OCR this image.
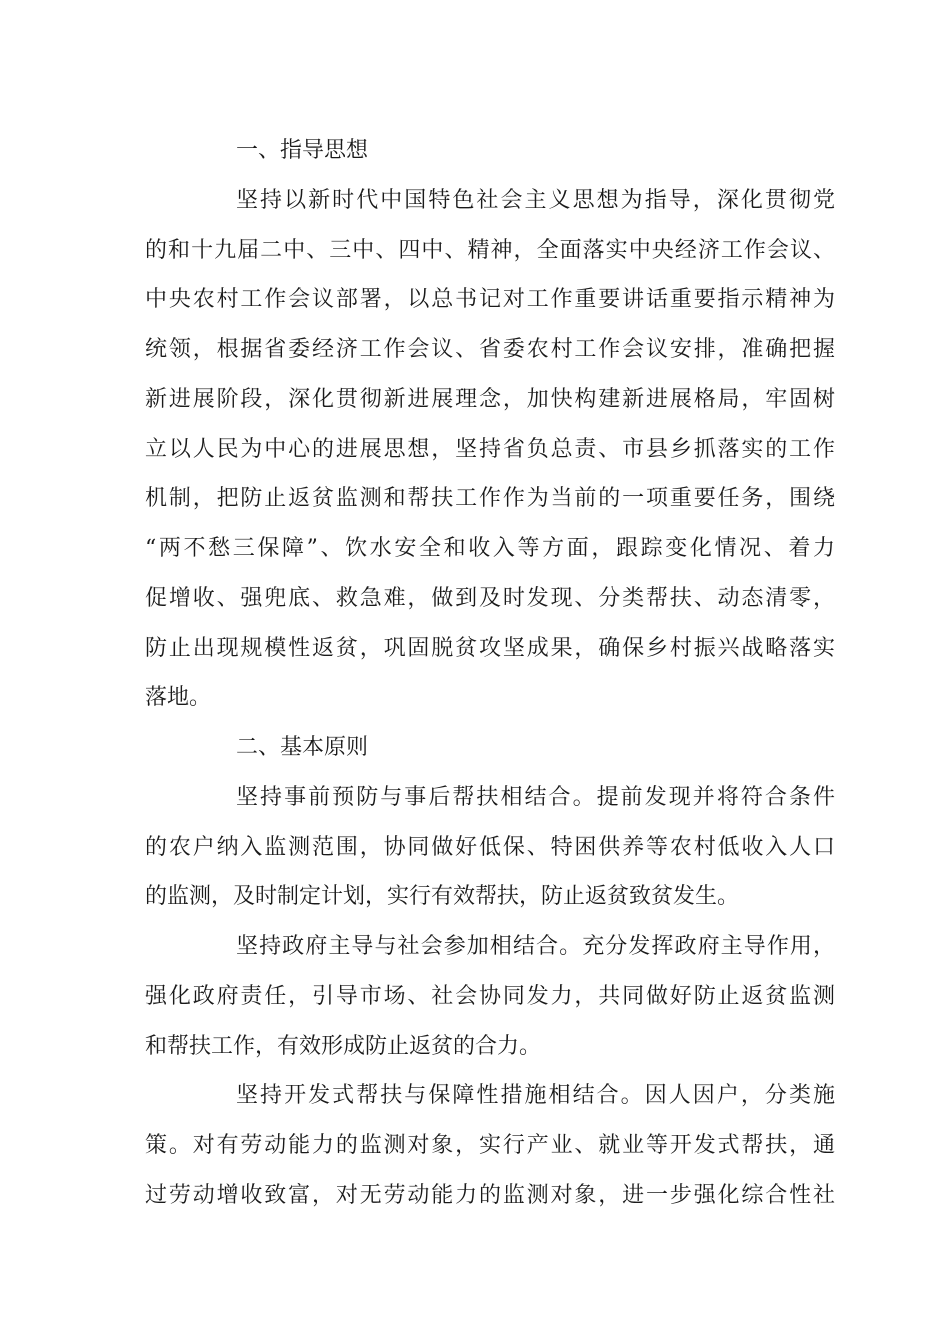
一、指导思想
坚持以新时代中国特色社会主义思想为指导，深化贯彻党
的和十九届二中、三中、四中、精神，全面落实中央经济工作会议、
中央农村工作会议部署，以总书记对工作重要讲话重要指示精神为
统领，根据省委经济工作会议、省委农村工作会议安排，准确把握
新进展阶段，深化贯彻新进展理念，加快构建新进展格局，牢固树
立以人民为中心的进展思想，坚持省负总责、市县乡抓落实的工作
机制，把防止返贫监测和帮扶工作作为当前的一项重要任务，围绕
“两不愁三保障”、饮水安全和收入等方面，跟踪变化情况、着力
促增收、强兜底、救急难，做到及时发现、分类帮扶、动态清零，
防止出现规模性返贫，巩固脱贫攻坚成果，确保乡村振兴战略落实
落地。
二、基本原则
坚持事前预防与事后帮扶相结合。提前发现并将符合条件
的农户纳入监测范围，协同做好低保、特困供养等农村低收入人口
的监测，及时制定计划，实行有效帮扶，防止返贫致贫发生。
坚持政府主导与社会参加相结合。充分发挥政府主导作用，
强化政府责任，引导市场、社会协同发力，共同做好防止返贫监测
和帮扶工作，有效形成防止返贫的合力。
坚持开发式帮扶与保障性措施相结合。因人因户，分类施
策。对有劳动能力的监测对象，实行产业、就业等开发式帮扶，通
过劳动增收致富，对无劳动能力的监测对象，进一步强化综合性社
